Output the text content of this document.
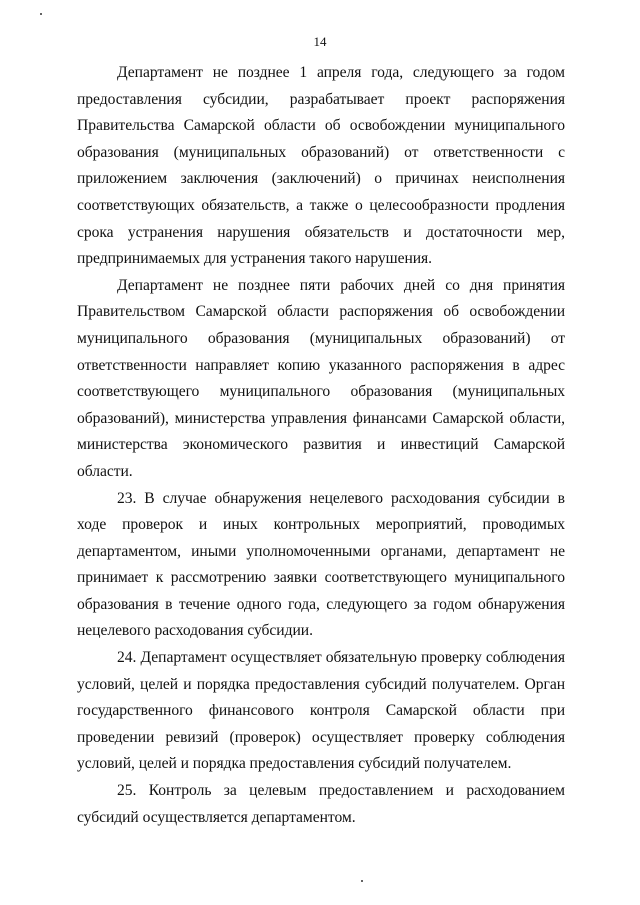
14

Департамент не позднее 1 апреля года, следующего за годом предоставления субсидии, разрабатывает проект распоряжения Правительства Самарской области об освобождении муниципального образования (муниципальных образований) от ответственности с приложением заключения (заключений) о причинах неисполнения соответствующих обязательств, а также о целесообразности продления срока устранения нарушения обязательств и достаточности мер, предпринимаемых для устранения такого нарушения.

Департамент не позднее пяти рабочих дней со дня принятия Правительством Самарской области распоряжения об освобождении муниципального образования (муниципальных образований) от ответственности направляет копию указанного распоряжения в адрес соответствующего муниципального образования (муниципальных образований), министерства управления финансами Самарской области, министерства экономического развития и инвестиций Самарской области.

23. В случае обнаружения нецелевого расходования субсидии в ходе проверок и иных контрольных мероприятий, проводимых департаментом, иными уполномоченными органами, департамент не принимает к рассмотрению заявки соответствующего муниципального образования в течение одного года, следующего за годом обнаружения нецелевого расходования субсидии.

24. Департамент осуществляет обязательную проверку соблюдения условий, целей и порядка предоставления субсидий получателем. Орган государственного финансового контроля Самарской области при проведении ревизий (проверок) осуществляет проверку соблюдения условий, целей и порядка предоставления субсидий получателем.

25. Контроль за целевым предоставлением и расходованием субсидий осуществляется департаментом.
